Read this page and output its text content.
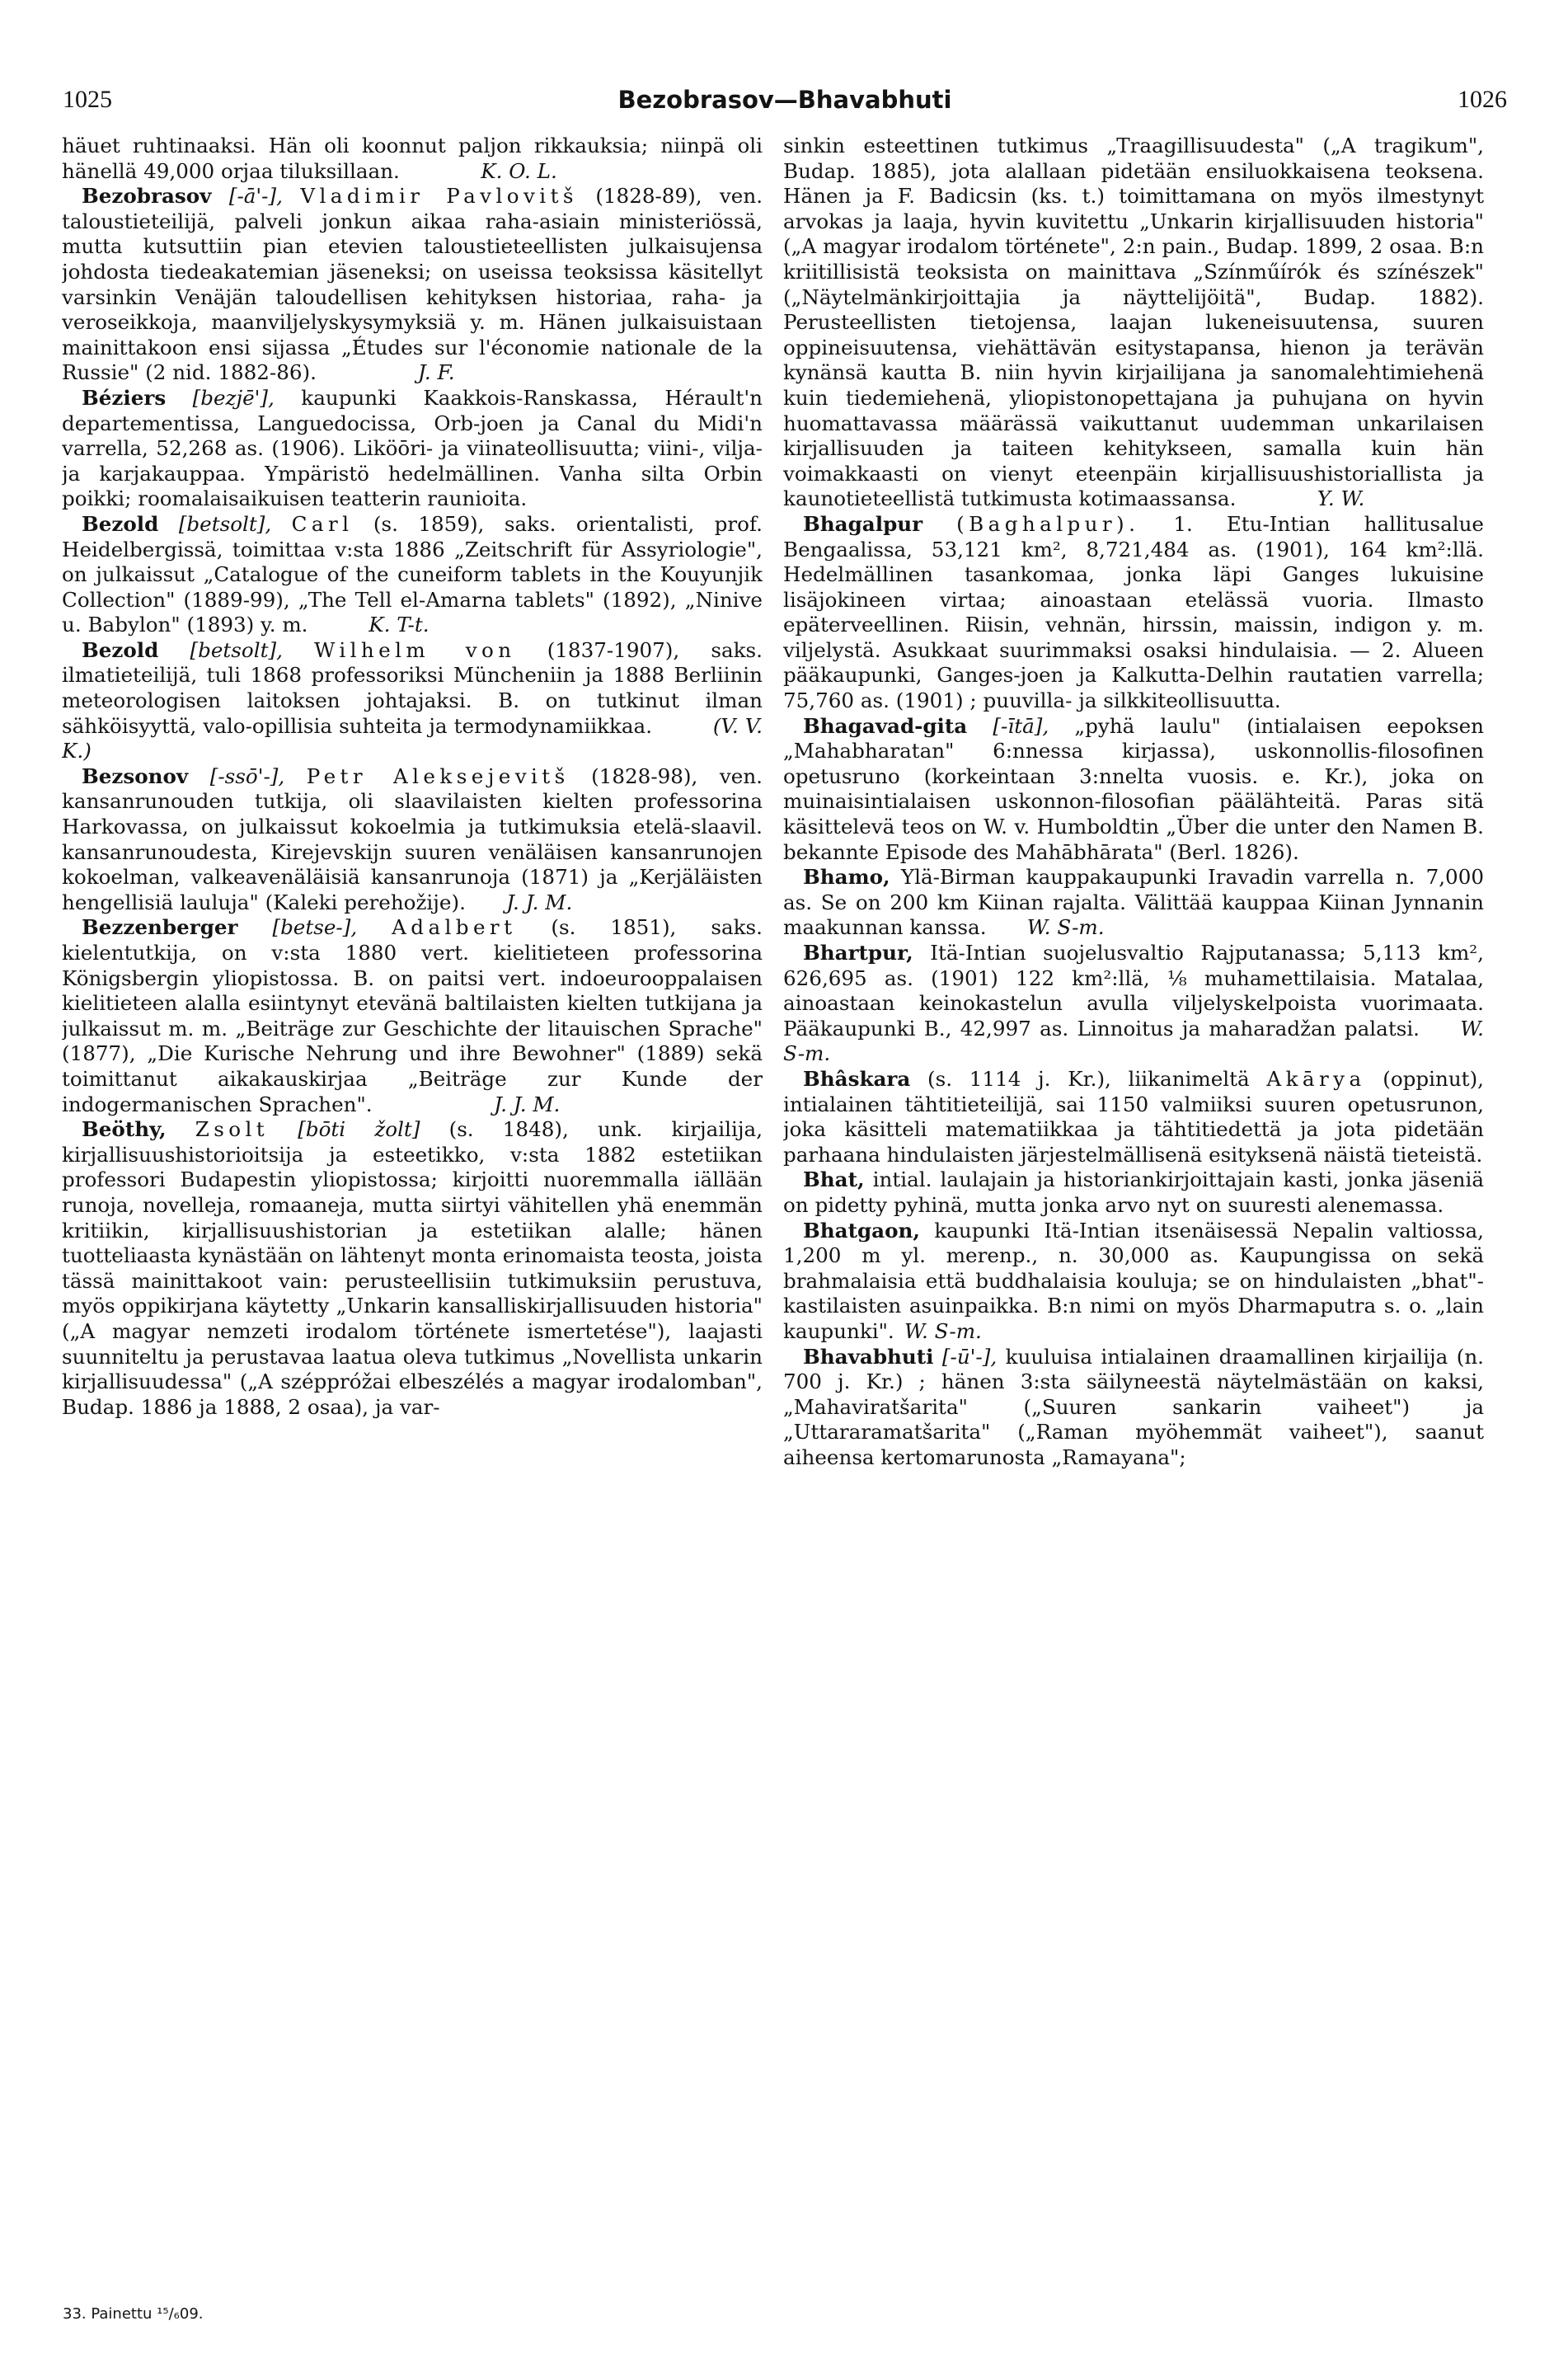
1025	Bezobrasov—Bhavabhuti	1026

häuet ruhtinaaksi. Hän oli koonnut paljon rikkauksia; niinpä oli hänellä 49,000 orjaa tiluksillaan.    	K. O. L.

Bezobrasov [-ā'-], Vladimir Pavlovitš (1828-89), ven. taloustieteilijä, palveli jonkun aikaa raha-asiain ministeriössä, mutta kutsuttiin pian etevien taloustieteellisten julkaisujensa johdosta tiedeakatemian jäseneksi; on useissa teoksissa käsitellyt varsinkin Venäjän taloudellisen kehityksen historiaa, raha- ja veroseikkoja, maanviljelyskysymyksiä y. m. Hänen julkaisuistaan mainittakoon ensi sijassa „Études sur l'économie nationale de la Russie" (2 nid. 1882-86).     	J. F.

Béziers [bezjē'], kaupunki Kaakkois-Ranskassa, Hérault'n departementissa, Languedocissa, Orb-joen ja Canal du Midi'n varrella, 52,268 as. (1906). Liköōri- ja viinateollisuutta; viini-, vilja- ja karjakauppaa. Ympäristö hedelmällinen. Vanha silta Orbin poikki; roomalaisaikuisen teatterin raunioita.

Bezold [betsolt], Carl (s. 1859), saks. orientalisti, prof. Heidelbergissä, toimittaa v:sta 1886 „Zeitschrift für Assyriologie", on julkaissut „Catalogue of the cuneiform tablets in the Kouyunjik Collection" (1889-99), „The Tell el-Amarna tablets" (1892), „Ninive u. Babylon" (1893) y. m.   	K. T-t.

Bezold [betsolt], Wilhelm von (1837-1907), saks. ilmatieteilijä, tuli 1868 professoriksi Müncheniin ja 1888 Berliinin meteorologisen laitoksen johtajaksi. B. on tutkinut ilman sähköisyyttä, valo-opillisia suhteita ja termodynamiikkaa.   	(V. V. K.)

Bezsonov [-ssō'-], Petr Aleksejevitš (1828-98), ven. kansanrunouden tutkija, oli slaavilaisten kielten professorina Harkovassa, on julkaissut kokoelmia ja tutkimuksia etelä-slaavil. kansanrunoudesta, Kirejevskijn suuren venäläisen kansanrunojen kokoelman, valkeavenäläisiä kansanrunoja (1871) ja „Kerjäläisten hengellisiä lauluja" (Kaleki perehožije).   J. J. M.

Bezzenberger [betse-], Adalbert (s. 1851), saks. kielentutkija, on v:sta 1880 vert. kielitieteen professorina Königsbergin yliopistossa. B. on paitsi vert. indoeurooppalaisen kielitieteen alalla esiintynyt etevänä baltilaisten kielten tutkijana ja julkaissut m. m. „Beiträge zur Geschichte der litauischen Sprache" (1877), „Die Kurische Nehrung und ihre Bewohner" (1889) sekä toimittanut aikakauskirjaa „Beiträge zur Kunde der indogermanischen Sprachen".      	J. J. M.

Beöthy, Zsolt [bōti žolt] (s. 1848), unk. kirjailija, kirjallisuushistorioitsija ja esteetikko, v:sta 1882 estetiikan professori Budapestin yliopistossa; kirjoitti nuoremmalla iällään runoja, novelleja, romaaneja, mutta siirtyi vähitellen yhä enemmän kritiikin, kirjallisuushistorian ja estetiikan alalle; hänen tuotteliaasta kynästään on lähtenyt monta erinomaista teosta, joista tässä mainittakoot vain: perusteellisiin tutkimuksiin perustuva, myös oppikirjana käytetty „Unkarin kansalliskirjallisuuden historia" („A magyar nemzeti irodalom története ismertetése"), laajasti suunniteltu ja perustavaa laatua oleva tutkimus „Novellista unkarin kirjallisuudessa" („A széppróžai elbeszélés a magyar irodalomban", Budap. 1886 ja 1888, 2 osaa), ja var-

sinkin esteettinen tutkimus „Traagillisuudesta" („A tragikum", Budap. 1885), jota alallaan pidetään ensiluokkaisena teoksena. Hänen ja F. Badicsin (ks. t.) toimittamana on myös ilmestynyt arvokas ja laaja, hyvin kuvitettu „Unkarin kirjallisuuden historia" („A magyar irodalom története", 2:n pain., Budap. 1899, 2 osaa. B:n kriitillisistä teoksista on mainittava „Színműírók és színészek" („Näytelmänkirjoittajia ja näyttelijöitä", Budap. 1882). Perusteellisten tietojensa, laajan lukeneisuutensa, suuren oppineisuutensa, viehättävän esitystapansa, hienon ja terävän kynänsä kautta B. niin hyvin kirjailijana ja sanomalehtimiehenä kuin tiedemiehenä, yliopistonopettajana ja puhujana on hyvin huomattavassa määrässä vaikuttanut uudemman unkarilaisen kirjallisuuden ja taiteen kehitykseen, samalla kuin hän voimakkaasti on vienyt eteenpäin kirjallisuushistoriallista ja kaunotieteellistä tutkimusta kotimaassansa.    	Y. W.

Bhagalpur (Baghalpur). 1. Etu-Intian hallitusalue Bengaalissa, 53,121 km², 8,721,484 as. (1901), 164 km²:llä. Hedelmällinen tasankomaa, jonka läpi Ganges lukuisine lisäjokineen virtaa; ainoastaan etelässä vuoria. Ilmasto epäterveellinen. Riisin, vehnän, hirssin, maissin, indigon y. m. viljelystä. Asukkaat suurimmaksi osaksi hindulaisia. — 2. Alueen pääkaupunki, Ganges-joen ja Kalkutta-Delhin rautatien varrella; 75,760 as. (1901) ; puuvilla- ja silkkiteollisuutta.

Bhagavad-gita [-ītā], „pyhä laulu" (intialaisen eepoksen „Mahabharatan" 6:nnessa kirjassa), uskonnollis-filosofinen opetusruno (korkeintaan 3:nnelta vuosis. e. Kr.), joka on muinaisintialaisen uskonnon-filosofian päälähteitä. Paras sitä käsittelevä teos on W. v. Humboldtin „Über die unter den Namen B. bekannte Episode des Mahābhārata" (Berl. 1826).

Bhamo, Ylä-Birman kauppakaupunki Iravadin varrella n. 7,000 as. Se on 200 km Kiinan rajalta. Välittää kauppaa Kiinan Jynnanin maakunnan kanssa.   W. S-m.

Bhartpur, Itä-Intian suojelusvaltio Rajputanassa; 5,113 km², 626,695 as. (1901) 122 km²:llä, ⅛ muhamettilaisia. Matalaa, ainoastaan keinokastelun avulla viljelyskelpoista vuorimaata. Pääkaupunki B., 42,997 as. Linnoitus ja maharadžan palatsi.   W. S-m.

Bhâskara (s. 1114 j. Kr.), liikanimeltä Akārya (oppinut), intialainen tähtitieteilijä, sai 1150 valmiiksi suuren opetusrunon, joka käsitteli matematiikkaa ja tähtitiedettä ja jota pidetään parhaana hindulaisten järjestelmällisenä esityksenä näistä tieteistä.

Bhat, intial. laulajain ja historiankirjoittajain kasti, jonka jäseniä on pidetty pyhinä, mutta jonka arvo nyt on suuresti alenemassa.

Bhatgaon, kaupunki Itä-Intian itsenäisessä Nepalin valtiossa, 1,200 m yl. merenp., n. 30,000 as. Kaupungissa on sekä brahmalaisia että buddhalaisia kouluja; se on hindulaisten „bhat"-kastilaisten asuinpaikka. B:n nimi on myös Dharmaputra s. o. „lain kaupunki".  W. S-m.

Bhavabhuti [-ū'-], kuuluisa intialainen draamallinen kirjailija (n. 700 j. Kr.) ; hänen 3:sta säilyneestä näytelmästään on kaksi, „Mahaviratšarita" („Suuren sankarin vaiheet") ja „Uttararamatšarita" („Raman myöhemmät vaiheet"), saanut aiheensa kertomarunosta „Ramayana";

33. Painettu ¹⁵/₆09.
